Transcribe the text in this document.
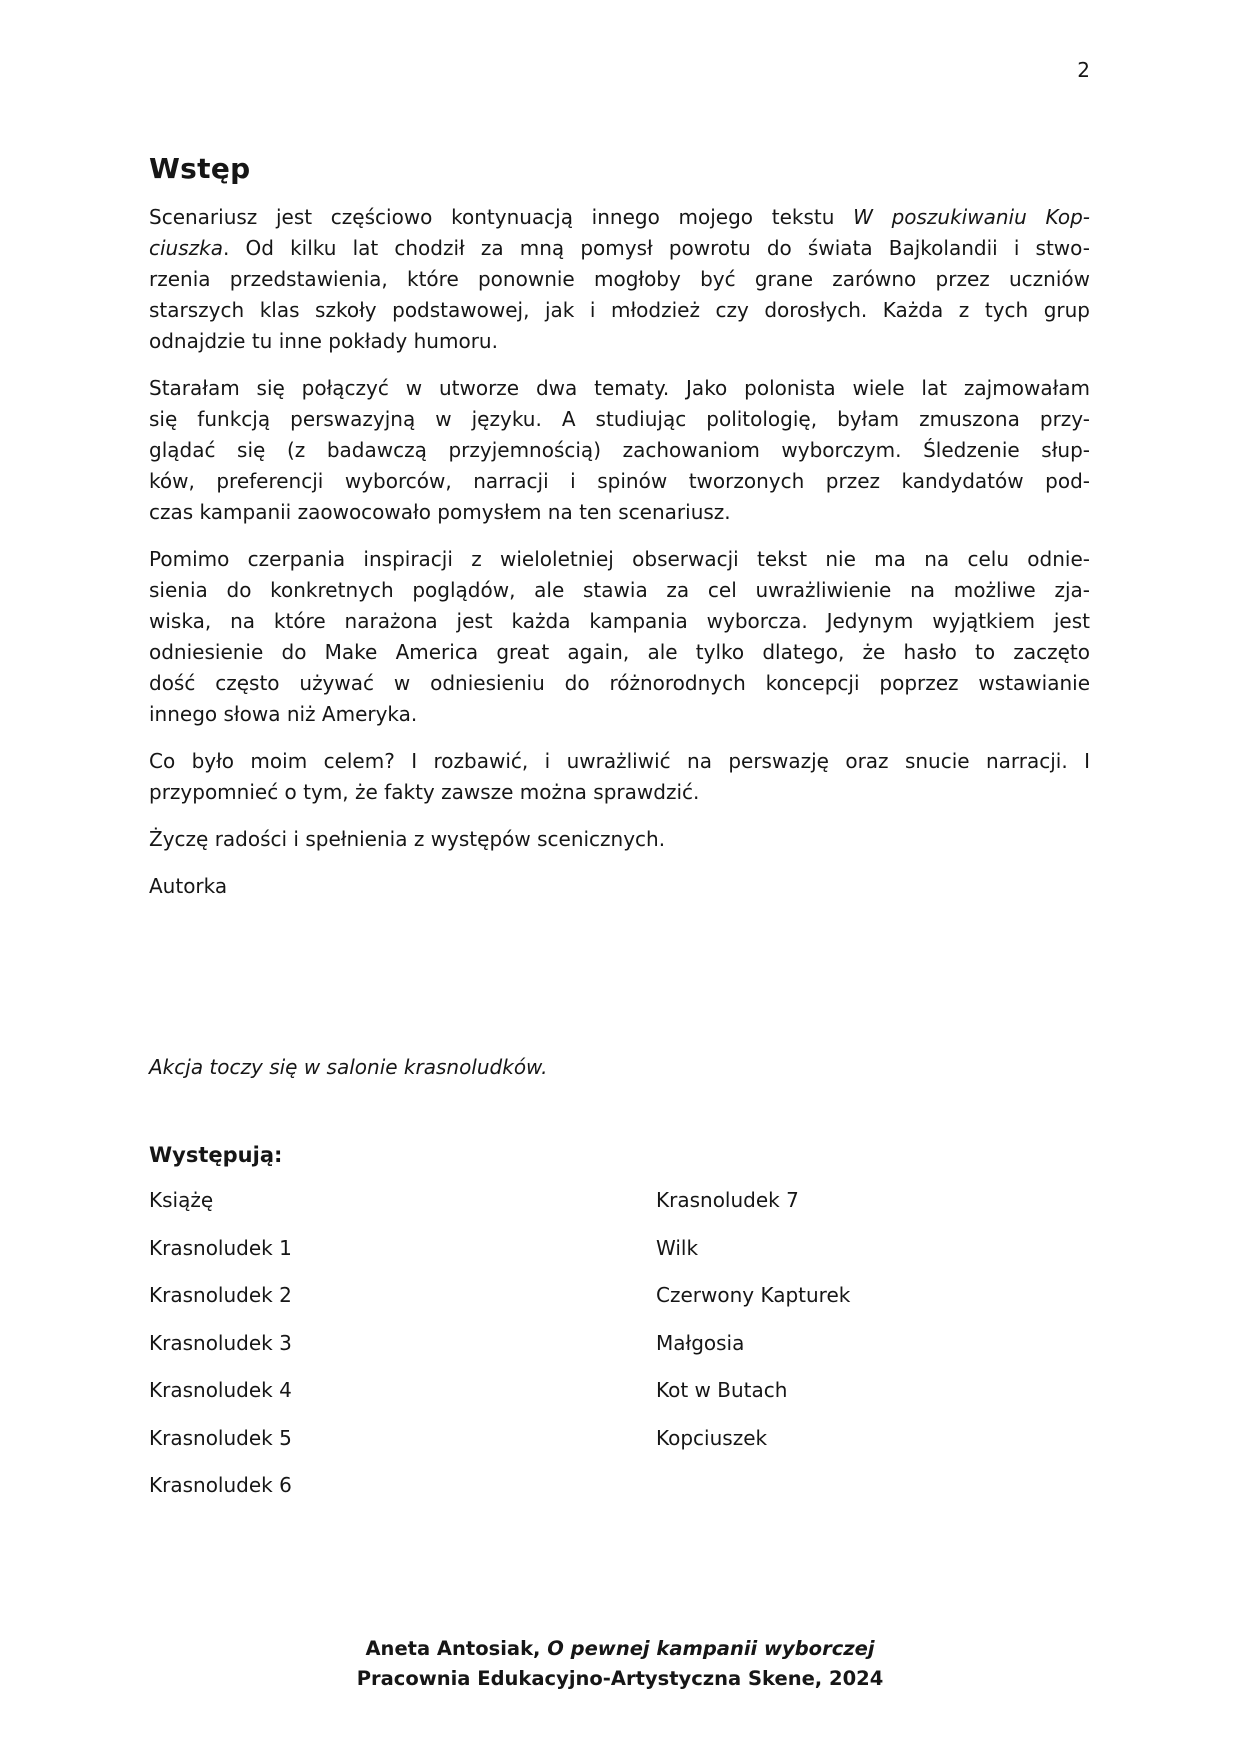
2
Wstęp
Scenariusz jest częściowo kontynuacją innego mojego tekstu W poszukiwaniu Kop-
ciuszka. Od kilku lat chodził za mną pomysł powrotu do świata Bajkolandii i stwo-
rzenia przedstawienia, które ponownie mogłoby być grane zarówno przez uczniów
starszych klas szkoły podstawowej, jak i młodzież czy dorosłych. Każda z tych grup
odnajdzie tu inne pokłady humoru.
Starałam się połączyć w utworze dwa tematy. Jako polonista wiele lat zajmowałam
się funkcją perswazyjną w języku. A studiując politologię, byłam zmuszona przy-
glądać się (z badawczą przyjemnością) zachowaniom wyborczym. Śledzenie słup-
ków, preferencji wyborców, narracji i spinów tworzonych przez kandydatów pod-
czas kampanii zaowocowało pomysłem na ten scenariusz.
Pomimo czerpania inspiracji z wieloletniej obserwacji tekst nie ma na celu odnie-
sienia do konkretnych poglądów, ale stawia za cel uwrażliwienie na możliwe zja-
wiska, na które narażona jest każda kampania wyborcza. Jedynym wyjątkiem jest
odniesienie do Make America great again, ale tylko dlatego, że hasło to zaczęto
dość często używać w odniesieniu do różnorodnych koncepcji poprzez wstawianie
innego słowa niż Ameryka.
Co było moim celem? I rozbawić, i uwrażliwić na perswazję oraz snucie narracji. I
przypomnieć o tym, że fakty zawsze można sprawdzić.
Życzę radości i spełnienia z występów scenicznych.
Autorka
Akcja toczy się w salonie krasnoludków.
Występują:
Książę
Krasnoludek 1
Krasnoludek 2
Krasnoludek 3
Krasnoludek 4
Krasnoludek 5
Krasnoludek 6
Krasnoludek 7
Wilk
Czerwony Kapturek
Małgosia
Kot w Butach
Kopciuszek
Aneta Antosiak, O pewnej kampanii wyborczej
Pracownia Edukacyjno-Artystyczna Skene, 2024
